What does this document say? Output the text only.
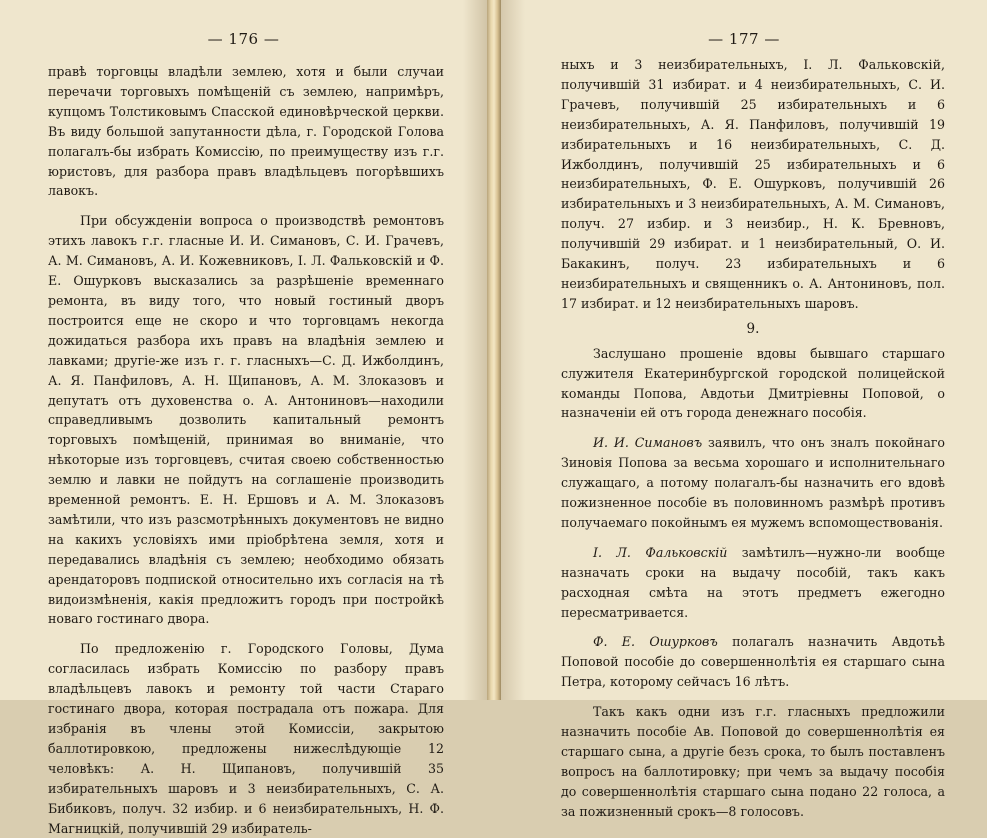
— 176 —

правѣ торговцы владѣли землею, хотя и были случаи перечачи торговыхъ помѣщеній съ землею, напримѣръ, купцомъ Толстиковымъ Спасской единовѣрческой церкви. Въ виду большой запутанности дѣла, г. Городской Голова полагалъ-бы избрать Комиссію, по преимуществу изъ г.г. юристовъ, для разбора правъ владѣльцевъ погорѣвшихъ лавокъ.

При обсужденіи вопроса о производствѣ ремонтовъ этихъ лавокъ г.г. гласные И. И. Симановъ, С. И. Грачевъ, А. М. Симановъ, А. И. Кожевниковъ, І. Л. Фальковскій и Ф. Е. Ошурковъ высказались за разрѣшеніе временнаго ремонта, въ виду того, что новый гостиный дворъ построится еще не скоро и что торговцамъ некогда дожидаться разбора ихъ правъ на владѣнія землею и лавками; другіе-же изъ г. г. гласныхъ—С. Д. Ижболдинъ, А. Я. Панфиловъ, А. Н. Щипановъ, А. М. Злоказовъ и депутатъ отъ духовенства о. А. Антониновъ—находили справедливымъ дозволить капитальный ремонтъ торговыхъ помѣщеній, принимая во вниманіе, что нѣкоторые изъ торговцевъ, считая своею собственностью землю и лавки не пойдутъ на соглашеніе производить временной ремонтъ. Е. Н. Ершовъ и А. М. Злоказовъ замѣтили, что изъ разсмотрѣнныхъ документовъ не видно на какихъ условіяхъ ими пріобрѣтена земля, хотя и передавались владѣнія съ землею; необходимо обязать арендаторовъ подпиской относительно ихъ согласія на тѣ видоизмѣненія, какія предложитъ городъ при постройкѣ новаго гостинаго двора.

По предложенію г. Городского Головы, Дума согласилась избрать Комиссію по разбору правъ владѣльцевъ лавокъ и ремонту той части Стараго гостинаго двора, которая пострадала отъ пожара. Для избранія въ члены этой Комиссіи, закрытою баллотировкою, предложены нижеслѣдующіе 12 человѣкъ: А. Н. Щипановъ, получившій 35 избирательныхъ шаровъ и 3 неизбирательныхъ, С. А. Бибиковъ, получ. 32 избир. и 6 неизбирательныхъ, Н. Ф. Магницкій, получившій 29 избиратель-

— 177 —

ныхъ и 3 неизбирательныхъ, І. Л. Фальковскій, получившій 31 избират. и 4 неизбирательныхъ, С. И. Грачевъ, получившій 25 избирательныхъ и 6 неизбирательныхъ, А. Я. Панфиловъ, получившій 19 избирательныхъ и 16 неизбирательныхъ, С. Д. Ижболдинъ, получившій 25 избирательныхъ и 6 неизбирательныхъ, Ф. Е. Ошурковъ, получившій 26 избирательныхъ и 3 неизбирательныхъ, А. М. Симановъ, получ. 27 избир. и 3 неизбир., Н. К. Бревновъ, получившій 29 избират. и 1 неизбирательный, О. И. Бакакинъ, получ. 23 избирательныхъ и 6 неизбирательныхъ и священникъ о. А. Антониновъ, пол. 17 избират. и 12 неизбирательныхъ шаровъ.

9.

Заслушано прошеніе вдовы бывшаго старшаго служителя Екатеринбургской городской полицейской команды Попова, Авдотьи Дмитріевны Поповой, о назначеніи ей отъ города денежнаго пособія.

И. И. Симановъ заявилъ, что онъ зналъ покойнаго Зиновія Попова за весьма хорошаго и исполнительнаго служащаго, а потому полагалъ-бы назначить его вдовѣ пожизненное пособіе въ половинномъ размѣрѣ противъ получаемаго покойнымъ ея мужемъ вспомоществованія.

І. Л. Фальковскій замѣтилъ—нужно-ли вообще назначать сроки на выдачу пособій, такъ какъ расходная смѣта на этотъ предметъ ежегодно пересматривается.

Ф. Е. Ошурковъ полагалъ назначить Авдотьѣ Поповой пособіе до совершеннолѣтія ея старшаго сына Петра, которому сейчасъ 16 лѣтъ.

Такъ какъ одни изъ г.г. гласныхъ предложили назначить пособіе Ав. Поповой до совершеннолѣтія ея старшаго сына, а другіе безъ срока, то былъ поставленъ вопросъ на баллотировку; при чемъ за выдачу пособія до совершеннолѣтія старшаго сына подано 22 голоса, а за пожизненный срокъ—8 голосовъ.
